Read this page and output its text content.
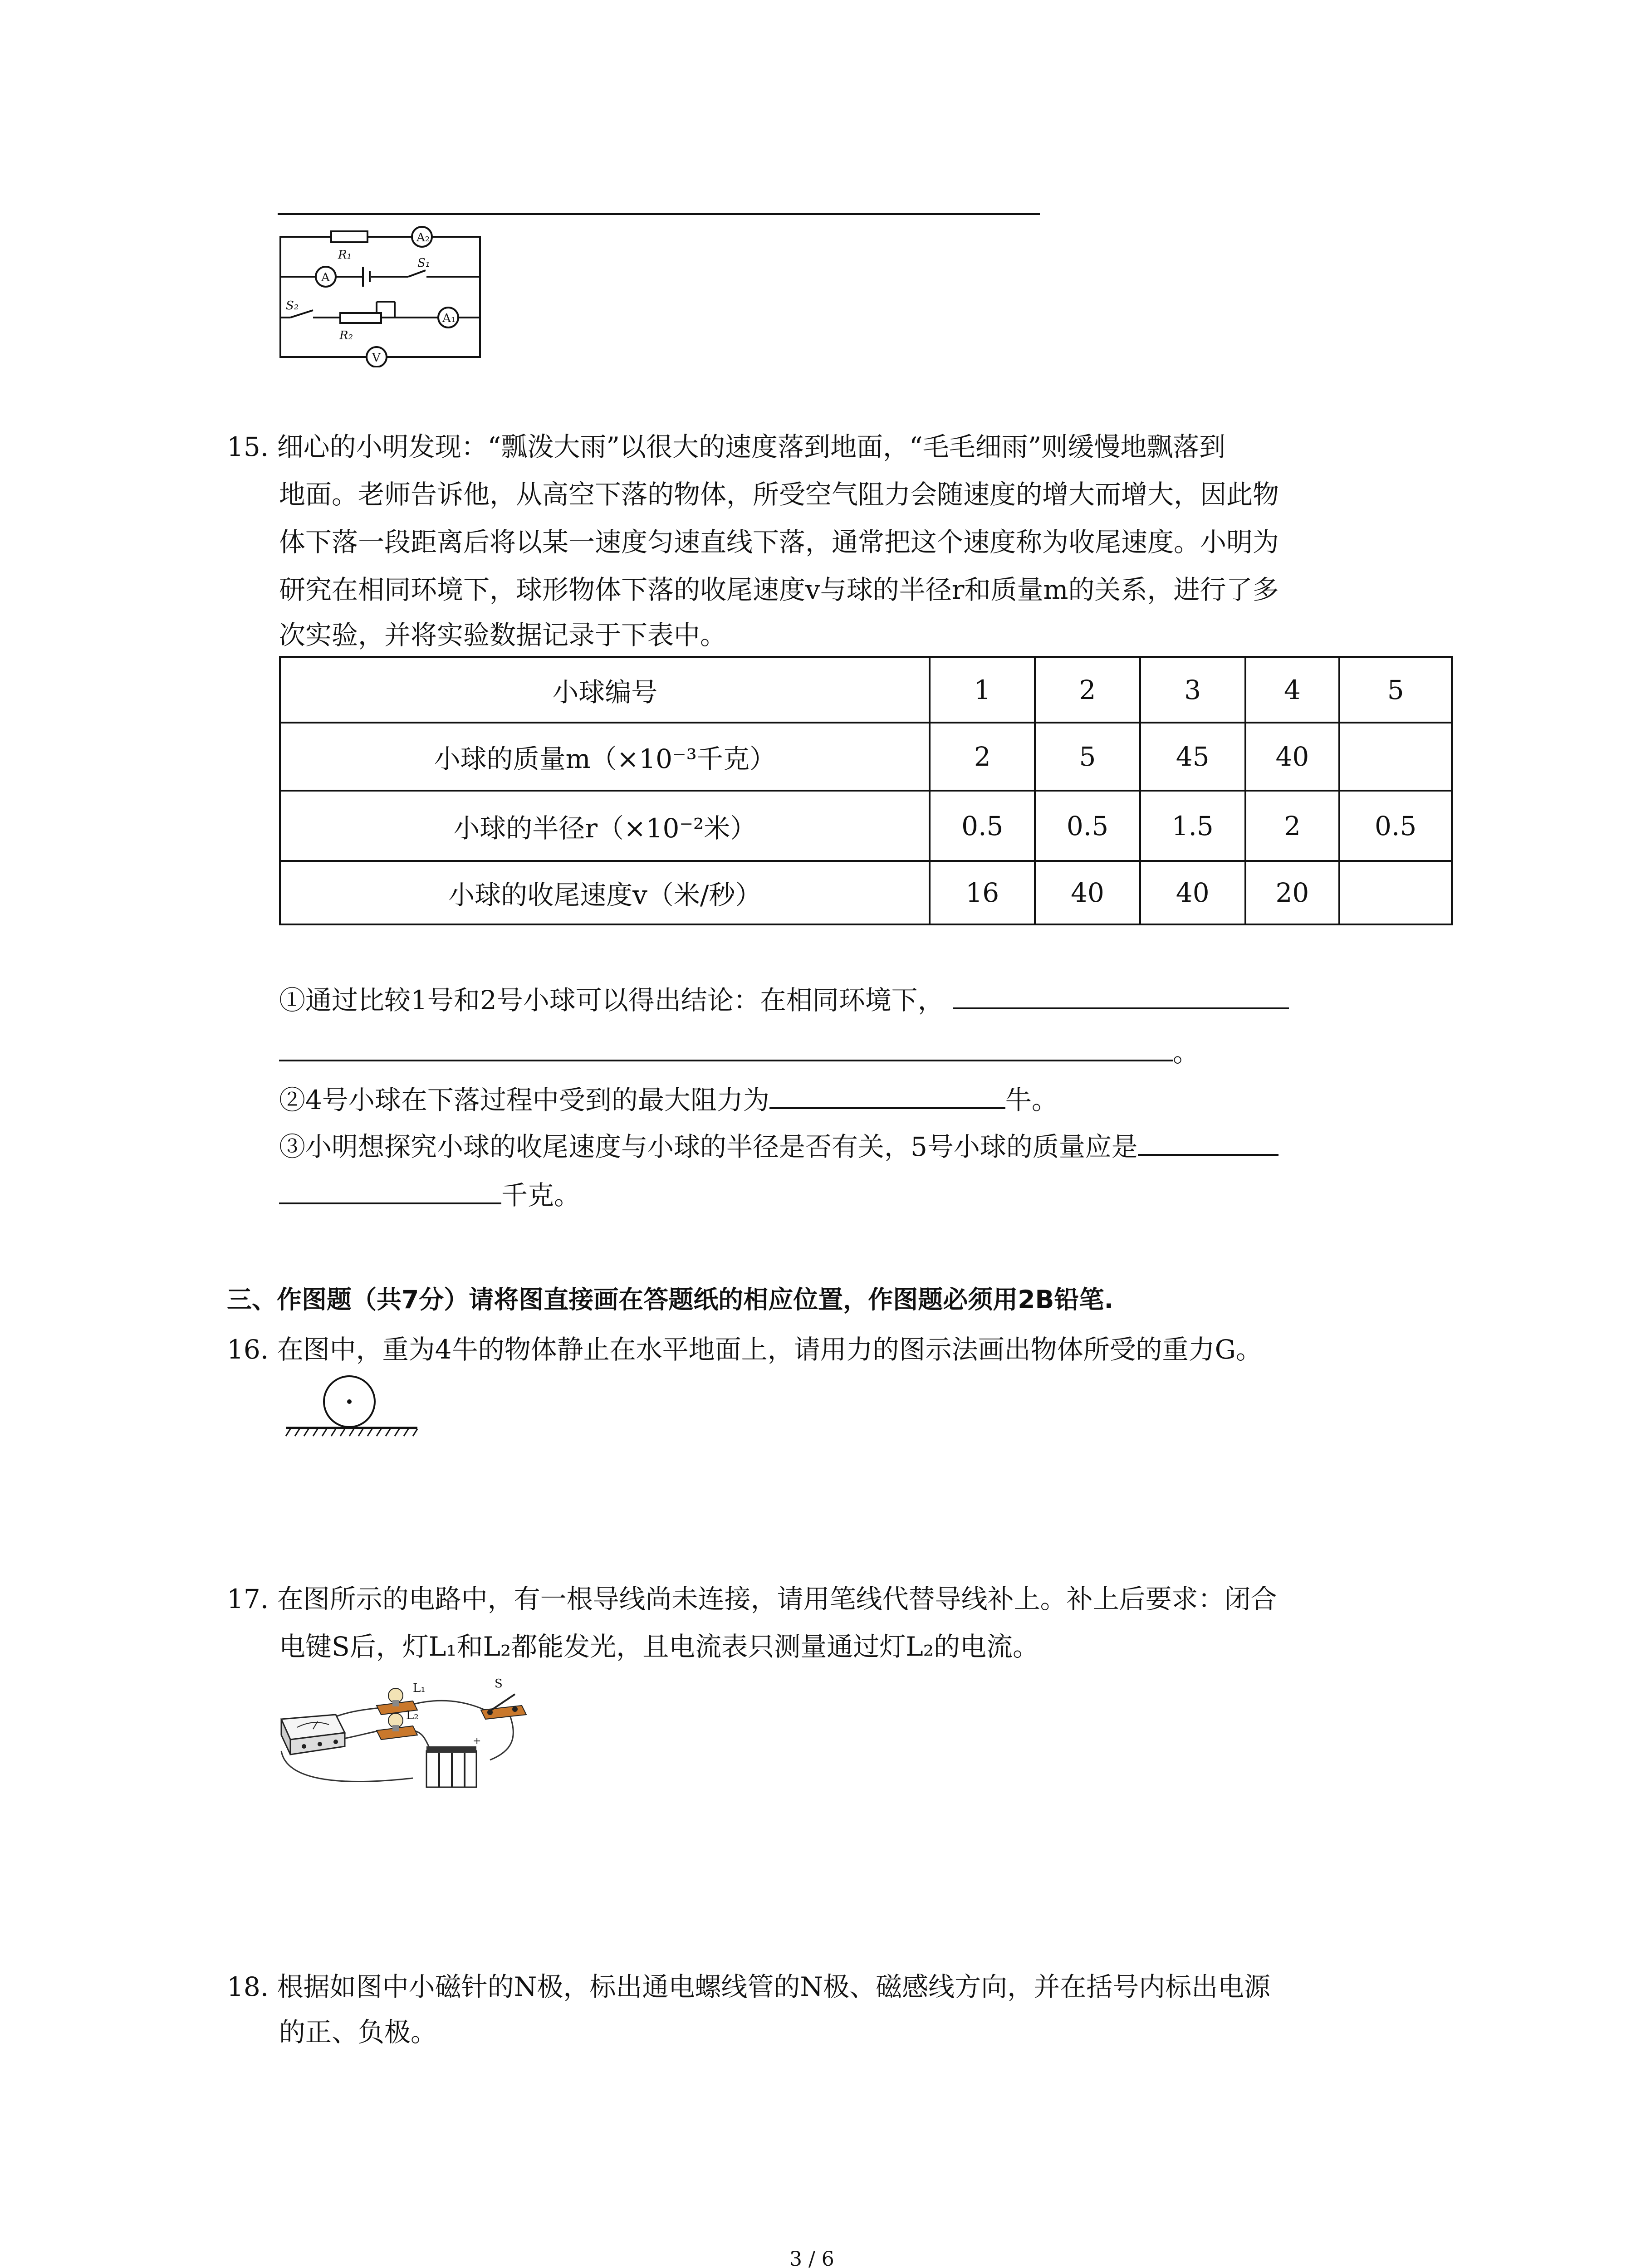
R₁
A₂
A
S₁
S₂
R₂
A₁
V
15. 细心的小明发现：“瓢泼大雨”以很大的速度落到地面，“毛毛细雨”则缓慢地飘落到
地面。老师告诉他，从高空下落的物体，所受空气阻力会随速度的增大而增大，因此物
体下落一段距离后将以某一速度匀速直线下落，通常把这个速度称为收尾速度。小明为
研究在相同环境下，球形物体下落的收尾速度v与球的半径r和质量m的关系，进行了多
次实验，并将实验数据记录于下表中。
小球编号	1	2	3	4	5
小球的质量m（×10⁻³千克）	2	5	45	40	
小球的半径r（×10⁻²米）	0.5	0.5	1.5	2	0.5
小球的收尾速度v（米/秒）	16	40	40	20	
①通过比较1号和2号小球可以得出结论：在相同环境下，
。
②4号小球在下落过程中受到的最大阻力为	牛。
③小明想探究小球的收尾速度与小球的半径是否有关，5号小球的质量应是
千克。
三、作图题（共7分）请将图直接画在答题纸的相应位置，作图题必须用2B铅笔.
16. 在图中，重为4牛的物体静止在水平地面上，请用力的图示法画出物体所受的重力G。
17. 在图所示的电路中，有一根导线尚未连接，请用笔线代替导线补上。补上后要求：闭合
电键S后，灯L₁和L₂都能发光，且电流表只测量通过灯L₂的电流。
+
L₁
L₂
S
18. 根据如图中小磁针的N极，标出通电螺线管的N极、磁感线方向，并在括号内标出电源
的正、负极。
3 / 6
